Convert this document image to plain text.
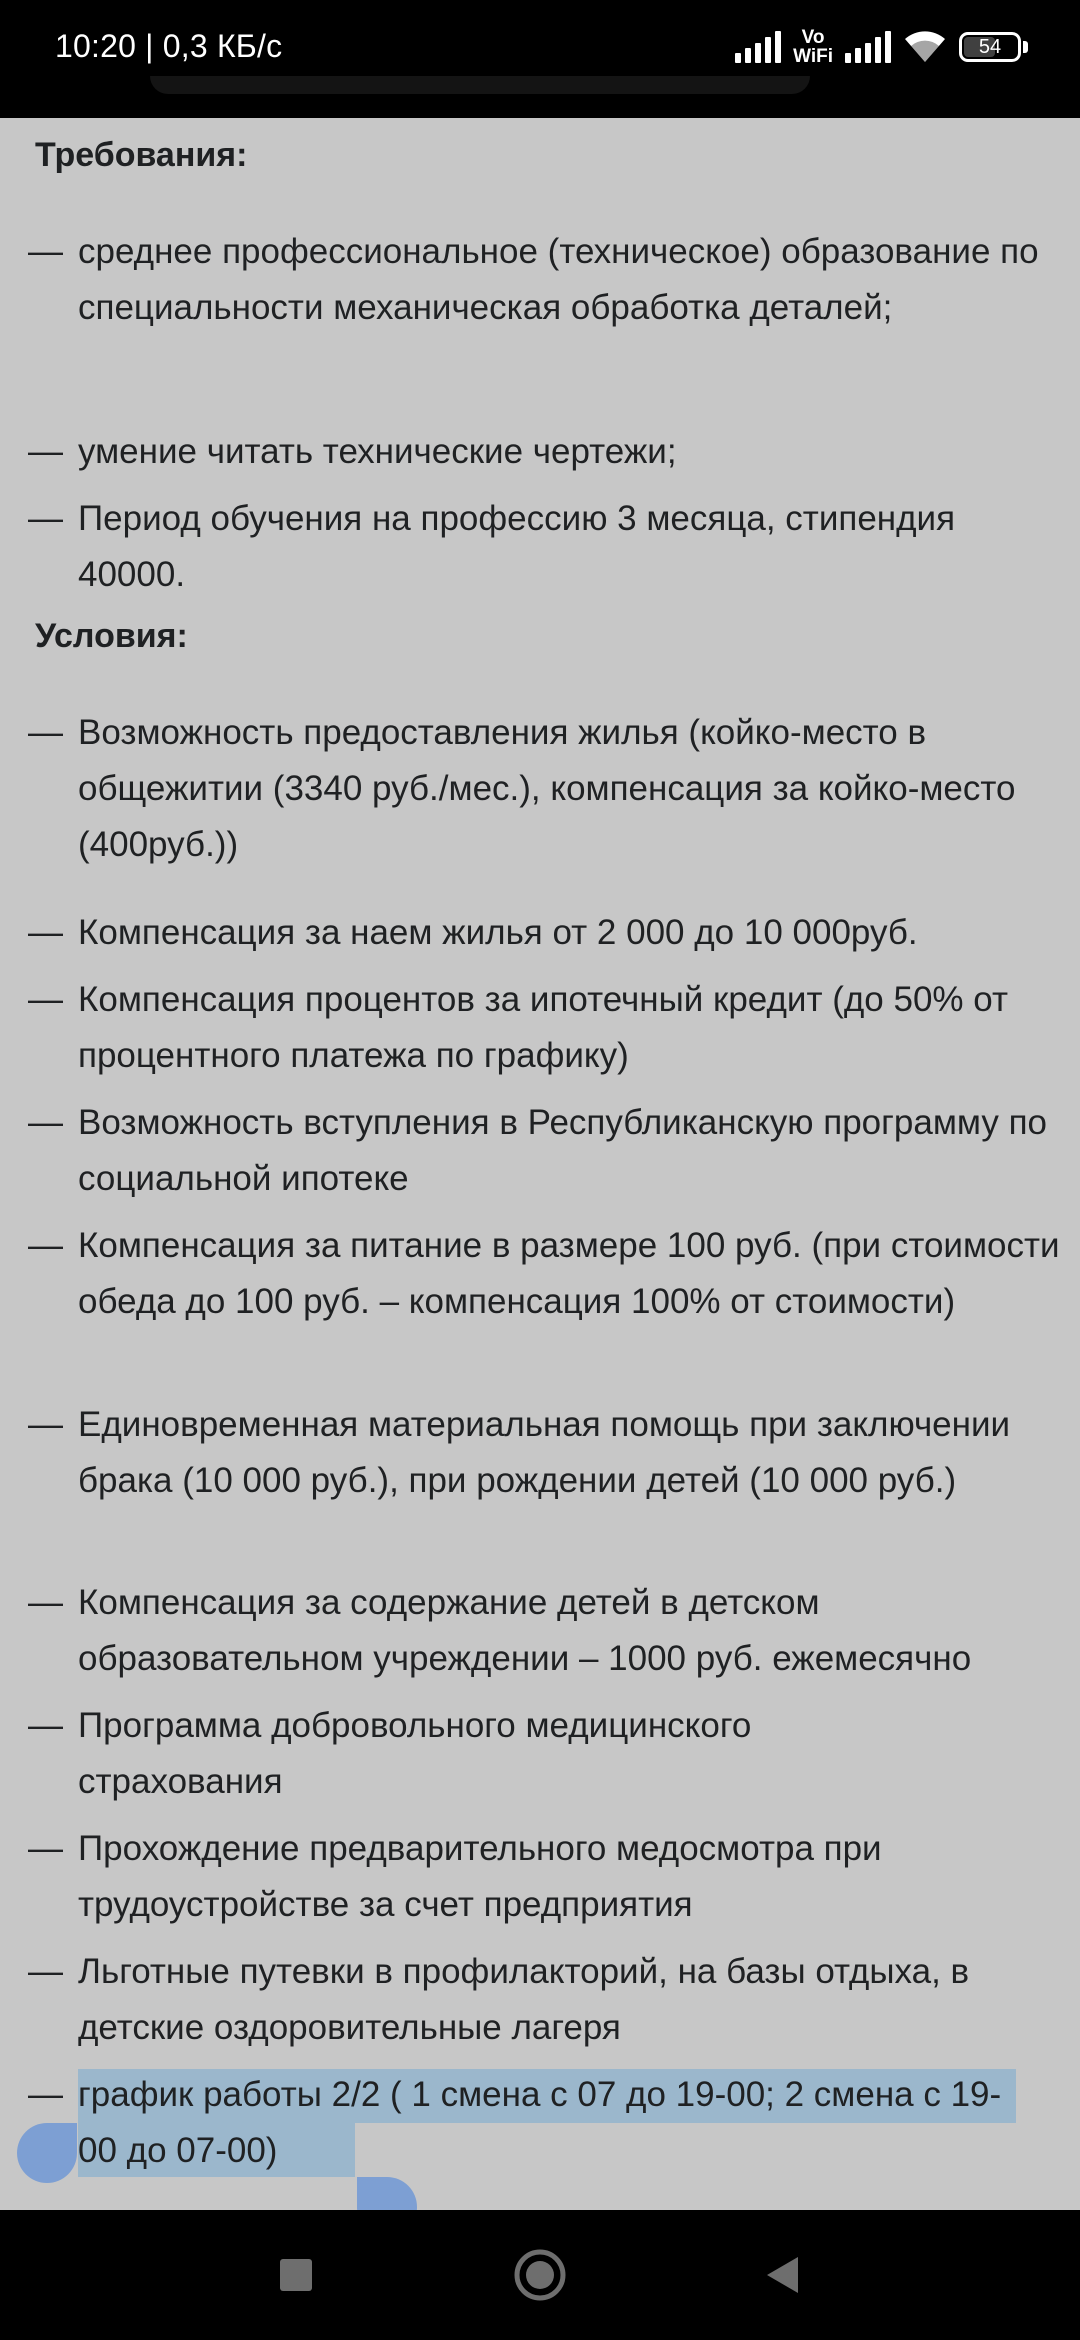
10:20 | 0,3 КБ/с	Vo
WiFi	54
Требования:
— среднее профессиональное (техническое) образование по специальности механическая обработка деталей;

— умение читать технические чертежи;

— Период обучения на профессию 3 месяца, стипендия 40000.

Условия:
— Возможность предоставления жилья (койко-место в общежитии (3340 руб./мес.), компенсация за койко-место (400руб.))

— Компенсация за наем жилья от 2 000 до 10 000руб.

— Компенсация процентов за ипотечный кредит (до 50% от процентного платежа по графику)

— Возможность вступления в Республиканскую программу по социальной ипотеке

— Компенсация за питание в размере 100 руб. (при стоимости обеда до 100 руб. – компенсация 100% от стоимости)

— Единовременная материальная помощь при заключении брака (10 000 руб.), при рождении детей (10 000 руб.)

— Компенсация за содержание детей в детском образовательном учреждении – 1000 руб. ежемесячно

— Программа добровольного медицинского страхования

— Прохождение предварительного медосмотра при трудоустройстве за счет предприятия

— Льготные путевки в профилакторий, на базы отдыха, в детские оздоровительные лагеря

— график работы 2/2 ( 1 смена с 07 до 19-00; 2 смена с 19-00 до 07-00)
